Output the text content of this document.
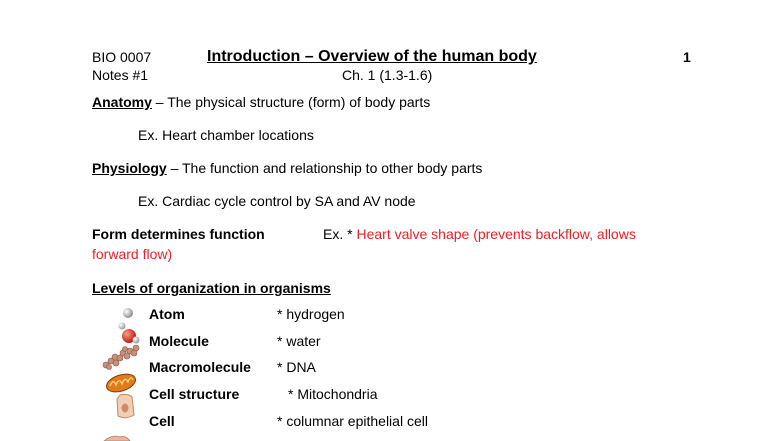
BIO 0007
Notes #1
Introduction – Overview of the human body
Ch. 1 (1.3-1.6)
1
Anatomy – The physical structure (form) of body parts
Ex. Heart chamber locations
Physiology – The function and relationship to other body parts
Ex. Cardiac cycle control by SA and AV node
Form determines function	Ex. * Heart valve shape (prevents backflow, allows
forward flow)
Levels of organization in organisms
Atom	* hydrogen
Molecule	* water
Macromolecule * DNA
Cell structure	* Mitochondria
Cell	* columnar epithelial cell
